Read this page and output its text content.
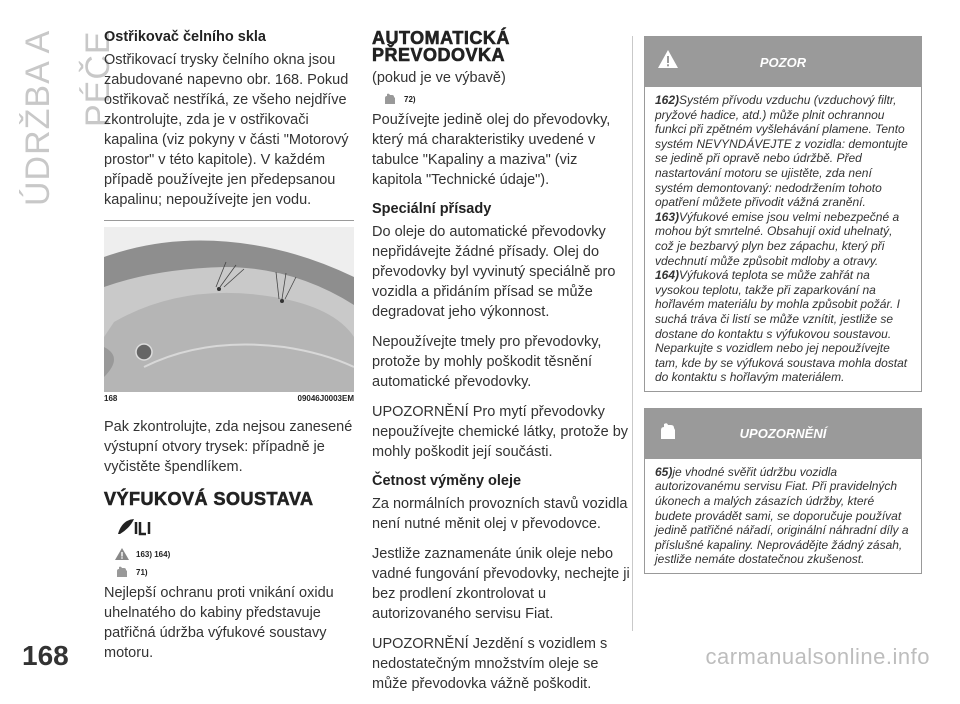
ÚDRŽBA A PÉČE
168	carmanualsonline.info
Ostřikovač čelního skla

Ostřikovací trysky čelního okna jsou zabudované napevno obr. 168. Pokud ostřikovač nestříká, ze všeho nejdříve zkontrolujte, zda je v ostřikovači kapalina (viz pokyny v části "Motorový prostor" v této kapitole). V každém případě používejte jen předepsanou kapalinu; nepoužívejte jen vodu.

168	09046J0003EM

Pak zkontrolujte, zda nejsou zanesené výstupní otvory trysek: případně je vyčistěte špendlíkem.

VÝFUKOVÁ SOUSTAVA
163) 164)
71)

Nejlepší ochranu proti vnikání oxidu uhelnatého do kabiny představuje patřičná údržba výfukové soustavy motoru.

AUTOMATICKÁ
PŘEVODOVKA
(pokud je ve výbavě)
72)

Používejte jedině olej do převodovky, který má charakteristiky uvedené v tabulce "Kapaliny a maziva" (viz kapitola "Technické údaje").

Speciální přísady

Do oleje do automatické převodovky nepřidávejte žádné přísady. Olej do převodovky byl vyvinutý speciálně pro vozidla a přidáním přísad se může degradovat jeho výkonnost.

Nepoužívejte tmely pro převodovky, protože by mohly poškodit těsnění automatické převodovky.

UPOZORNĚNÍ Pro mytí převodovky nepoužívejte chemické látky, protože by mohly poškodit její součásti.

Četnost výměny oleje

Za normálních provozních stavů vozidla není nutné měnit olej v převodovce.

Jestliže zaznamenáte únik oleje nebo vadné fungování převodovky, nechejte ji bez prodlení zkontrolovat u autorizovaného servisu Fiat.

UPOZORNĚNÍ Jezdění s vozidlem s nedostatečným množstvím oleje se může převodovka vážně poškodit.

POZOR

162)Systém přívodu vzduchu (vzduchový filtr, pryžové hadice, atd.) může plnit ochrannou funkci při zpětném vyšlehávání plamene. Tento systém NEVYNDÁVEJTE z vozidla: demontujte se jedině při opravě nebo údržbě. Před nastartování motoru se ujistěte, zda není systém demontovaný: nedodržením tohoto opatření můžete přivodit vážná zranění.

163)Výfukové emise jsou velmi nebezpečné a mohou být smrtelné. Obsahují oxid uhelnatý, což je bezbarvý plyn bez zápachu, který při vdechnutí může způsobit mdloby a otravy.

164)Výfuková teplota se může zahřát na vysokou teplotu, takže při zaparkování na hořlavém materiálu by mohla způsobit požár. I suchá tráva či listí se může vznítit, jestliže se dostane do kontaktu s výfukovou soustavou. Neparkujte s vozidlem nebo jej nepoužívejte tam, kde by se výfuková soustava mohla dostat do kontaktu s hořlavým materiálem.

UPOZORNĚNÍ

65)je vhodné svěřit údržbu vozidla autorizovanému servisu Fiat. Při pravidelných úkonech a malých zásazích údržby, které budete provádět sami, se doporučuje používat jedině patřičné nářadí, originální náhradní díly a příslušné kapaliny. Neprovádějte žádný zásah, jestliže nemáte dostatečnou zkušenost.
